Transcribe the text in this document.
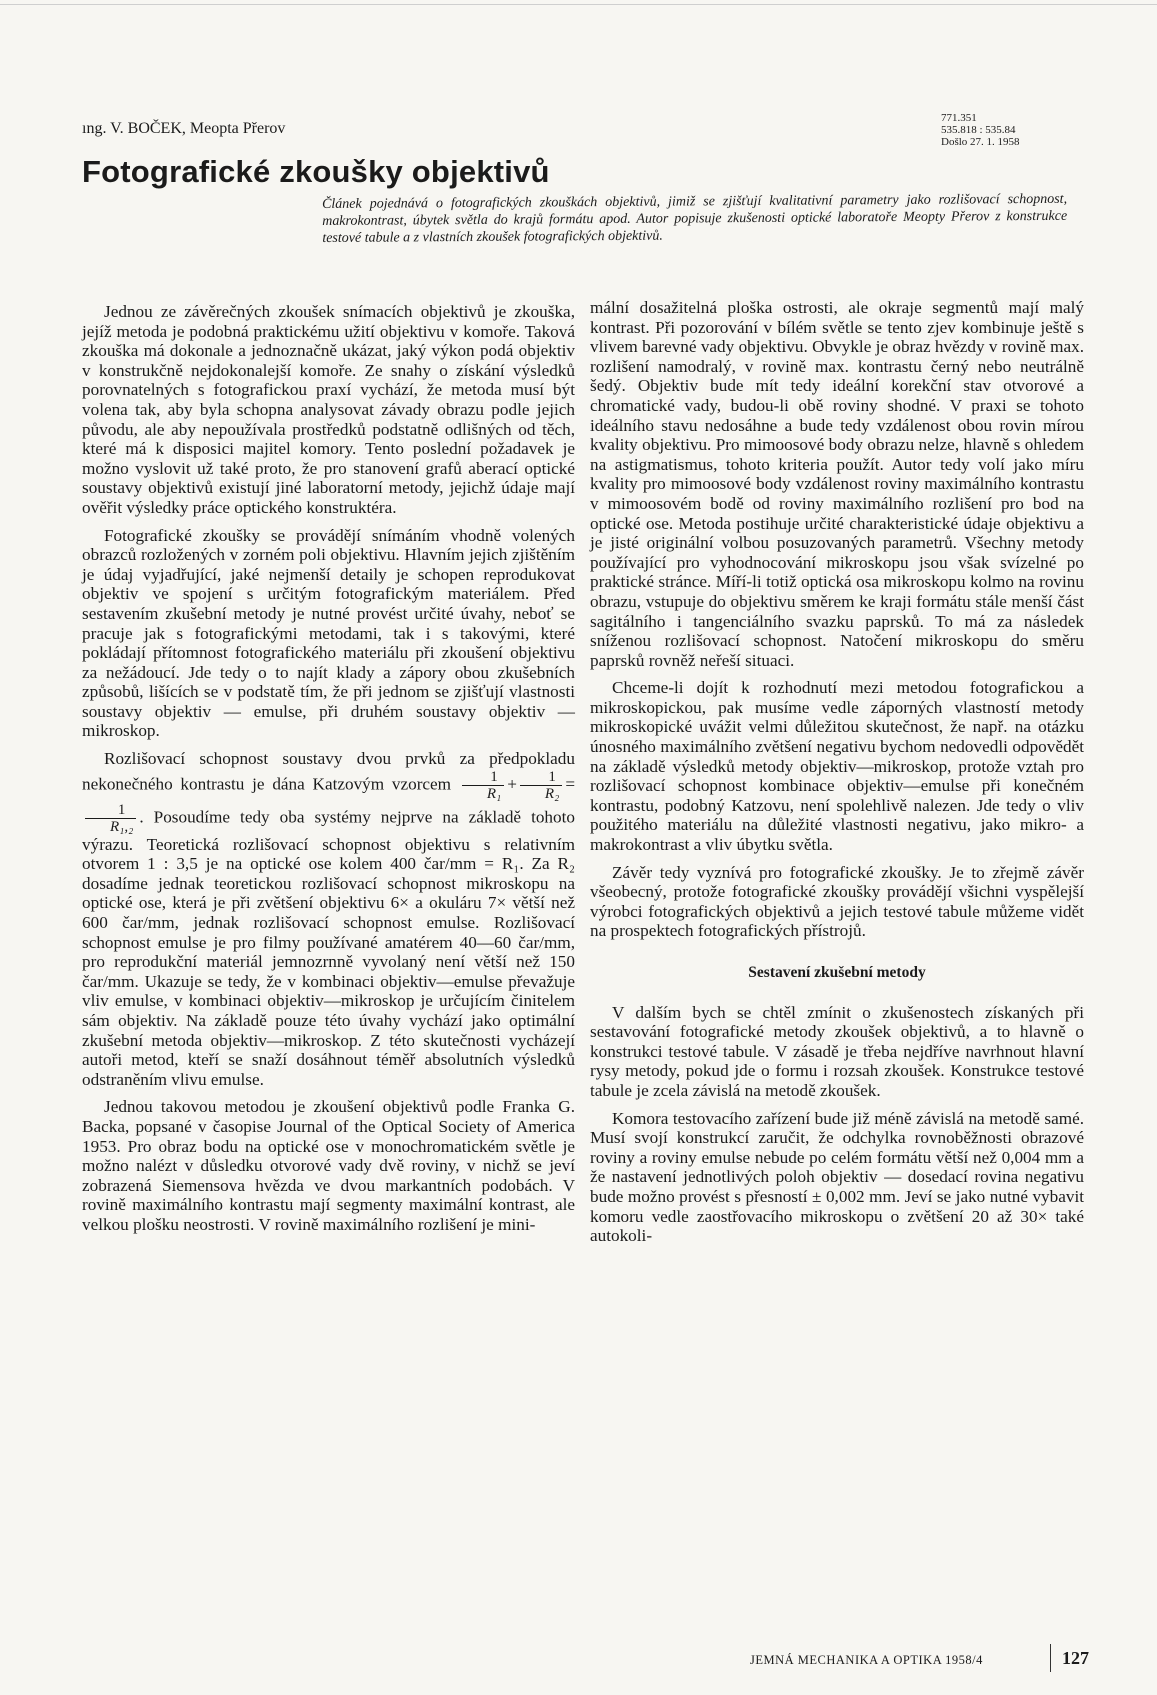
ıng. V. BOČEK, Meopta Přerov
771.351
535.818 : 535.84
Došlo 27. 1. 1958
Fotografické zkoušky objektivů
Článek pojednává o fotografických zkouškách objektivů, jimiž se zjišťují kvalitativní parametry jako rozlišovací schopnost, makrokontrast, úbytek světla do krajů formátu apod. Autor popisuje zkušenosti optické laboratoře Meopty Přerov z konstrukce testové tabule a z vlastních zkoušek fotografických objektivů.

Jednou ze závěrečných zkoušek snímacích objektivů je zkouška, jejíž metoda je podobná praktickému užití objektivu v komoře. Taková zkouška má dokonale a jednoznačně ukázat, jaký výkon podá objektiv v konstrukčně nejdokonalejší komoře. Ze snahy o získání výsledků porovnatelných s fotografickou praxí vychází, že metoda musí být volena tak, aby byla schopna analysovat závady obrazu podle jejich původu, ale aby nepoužívala prostředků podstatně odlišných od těch, které má k disposici majitel komory. Tento poslední požadavek je možno vyslovit už také proto, že pro stanovení grafů aberací optické soustavy objektivů existují jiné laboratorní metody, jejichž údaje mají ověřit výsledky práce optického konstruktéra.

Fotografické zkoušky se provádějí snímáním vhodně volených obrazců rozložených v zorném poli objektivu. Hlavním jejich zjištěním je údaj vyjadřující, jaké nejmenší detaily je schopen reprodukovat objektiv ve spojení s určitým fotografickým materiálem. Před sestavením zkušební metody je nutné provést určité úvahy, neboť se pracuje jak s fotografickými metodami, tak i s takovými, které pokládají přítomnost fotografického materiálu při zkoušení objektivu za nežádoucí. Jde tedy o to najít klady a zápory obou zkušebních způsobů, lišících se v podstatě tím, že při jednom se zjišťují vlastnosti soustavy objektiv — emulse, při druhém soustavy objektiv — mikroskop.

Rozlišovací schopnost soustavy dvou prvků za předpokladu nekonečného kontrastu je dána Katzovým vzorcem $\frac{1}{\text{R₁}} + \frac{1}{\text{R₂}}$ =
$\frac{1}{\text{R₁,₂}}$ . Posoudíme tedy oba systémy nejprve na základě tohoto výrazu. Teoretická rozlišovací schopnost objektivu s relativním otvorem 1 : 3,5 je na optické ose kolem 400 čar/mm = R₁. Za R₂ dosadíme jednak teoretickou rozlišovací schopnost mikroskopu na optické ose, která je při zvětšení objektivu 6× a okuláru 7× větší než 600 čar/mm, jednak rozlišovací schopnost emulse. Rozlišovací schopnost emulse je pro filmy používané amatérem 40—60 čar/mm, pro reprodukční materiál jemnozrnně vyvolaný není větší než 150 čar/mm. Ukazuje se tedy, že v kombinaci objektiv—emulse převažuje vliv emulse, v kombinaci objektiv—mikroskop je určujícím činitelem sám objektiv. Na základě pouze této úvahy vychází jako optimální zkušební metoda objektiv—mikroskop. Z této skutečnosti vycházejí autoři metod, kteří se snaží dosáhnout téměř absolutních výsledků odstraněním vlivu emulse.

Jednou takovou metodou je zkoušení objektivů podle Franka G. Backa, popsané v časopise Journal of the Optical Society of America 1953. Pro obraz bodu na optické ose v monochromatickém světle je možno nalézt v důsledku otvorové vady dvě roviny, v nichž se jeví zobrazená Siemensova hvězda ve dvou markantních podobách. V rovině maximálního kontrastu mají segmenty maximální kontrast, ale velkou plošku neostrosti. V rovině maximálního rozlišení je mini-

mální dosažitelná ploška ostrosti, ale okraje segmentů mají malý kontrast. Při pozorování v bílém světle se tento zjev kombinuje ještě s vlivem barevné vady objektivu. Obvykle je obraz hvězdy v rovině max. rozlišení namodralý, v rovině max. kontrastu černý nebo neutrálně šedý. Objektiv bude mít tedy ideální korekční stav otvorové a chromatické vady, budou-li obě roviny shodné. V praxi se tohoto ideálního stavu nedosáhne a bude tedy vzdálenost obou rovin mírou kvality objektivu. Pro mimoosové body obrazu nelze, hlavně s ohledem na astigmatismus, tohoto kriteria použít. Autor tedy volí jako míru kvality pro mimoosové body vzdálenost roviny maximálního kontrastu v mimoosovém bodě od roviny maximálního rozlišení pro bod na optické ose. Metoda postihuje určité charakteristické údaje objektivu a je jisté originální volbou posuzovaných parametrů. Všechny metody používající pro vyhodnocování mikroskopu jsou však svízelné po praktické stránce. Míří-li totiž optická osa mikroskopu kolmo na rovinu obrazu, vstupuje do objektivu směrem ke kraji formátu stále menší část sagitálního i tangenciálního svazku paprsků. To má za následek sníženou rozlišovací schopnost. Natočení mikroskopu do směru paprsků rovněž neřeší situaci.

Chceme-li dojít k rozhodnutí mezi metodou fotografickou a mikroskopickou, pak musíme vedle záporných vlastností metody mikroskopické uvážit velmi důležitou skutečnost, že např. na otázku únosného maximálního zvětšení negativu bychom nedovedli odpovědět na základě výsledků metody objektiv—mikroskop, protože vztah pro rozlišovací schopnost kombinace objektiv—emulse při konečném kontrastu, podobný Katzovu, není spolehlivě nalezen. Jde tedy o vliv použitého materiálu na důležité vlastnosti negativu, jako mikro- a makrokontrast a vliv úbytku světla.

Závěr tedy vyznívá pro fotografické zkoušky. Je to zřejmě závěr všeobecný, protože fotografické zkoušky provádějí všichni vyspělejší výrobci fotografických objektivů a jejich testové tabule můžeme vidět na prospektech fotografických přístrojů.

Sestavení zkušební metody

V dalším bych se chtěl zmínit o zkušenostech získaných při sestavování fotografické metody zkoušek objektivů, a to hlavně o konstrukci testové tabule. V zásadě je třeba nejdříve navrhnout hlavní rysy metody, pokud jde o formu i rozsah zkoušek. Konstrukce testové tabule je zcela závislá na metodě zkoušek.

Komora testovacího zařízení bude již méně závislá na metodě samé. Musí svojí konstrukcí zaručit, že odchylka rovnoběžnosti obrazové roviny a roviny emulse nebude po celém formátu větší než 0,004 mm a že nastavení jednotlivých poloh objektiv — dosedací rovina negativu bude možno provést s přesností ± 0,002 mm. Jeví se jako nutné vybavit komoru vedle zaostřovacího mikroskopu o zvětšení 20 až 30× také autokoli-

JEMNÁ MECHANIKA A OPTIKA 1958/4	127
